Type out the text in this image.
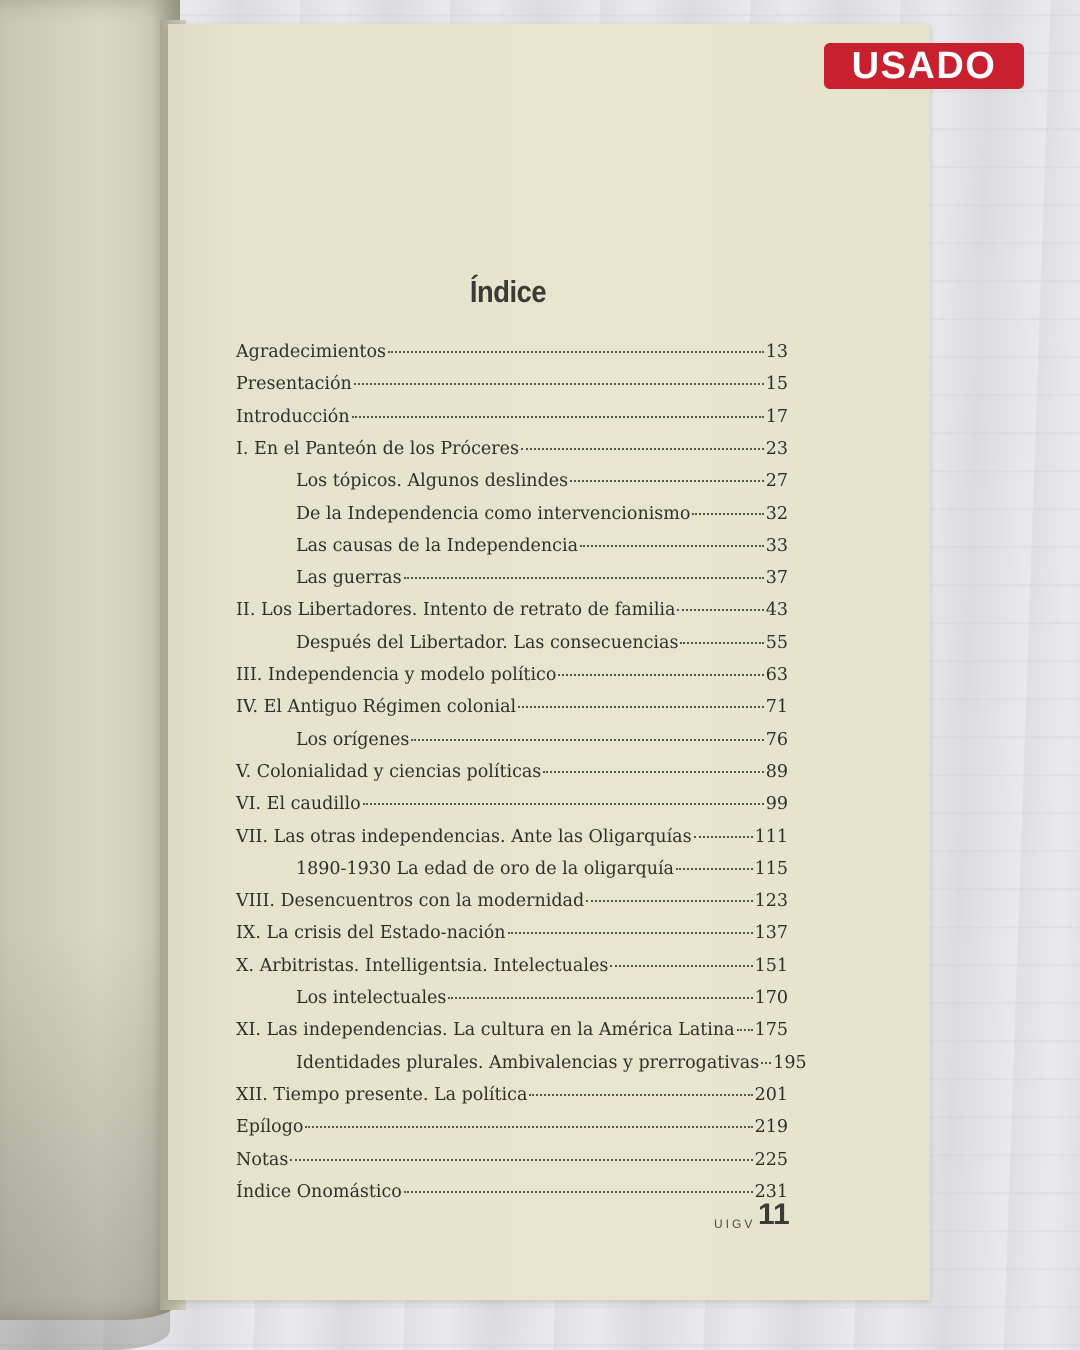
Índice
Agradecimientos	13
Presentación	15
Introducción	17
I. En el Panteón de los Próceres	23
Los tópicos. Algunos deslindes	27
De la Independencia como intervencionismo	32
Las causas de la Independencia	33
Las guerras	37
II. Los Libertadores. Intento de retrato de familia	43
Después del Libertador. Las consecuencias	55
III. Independencia y modelo político	63
IV. El Antiguo Régimen colonial	71
Los orígenes	76
V. Colonialidad y ciencias políticas	89
VI. El caudillo	99
VII. Las otras independencias. Ante las Oligarquías	111
1890-1930 La edad de oro de la oligarquía	115
VIII. Desencuentros con la modernidad	123
IX. La crisis del Estado-nación	137
X. Arbitristas. Intelligentsia. Intelectuales	151
Los intelectuales	170
XI. Las independencias. La cultura en la América Latina 175
Identidades plurales. Ambivalencias y prerrogativas 195
XII. Tiempo presente. La política	201
Epílogo	219
Notas	225
Índice Onomástico	231
UIGV 11
USADO
